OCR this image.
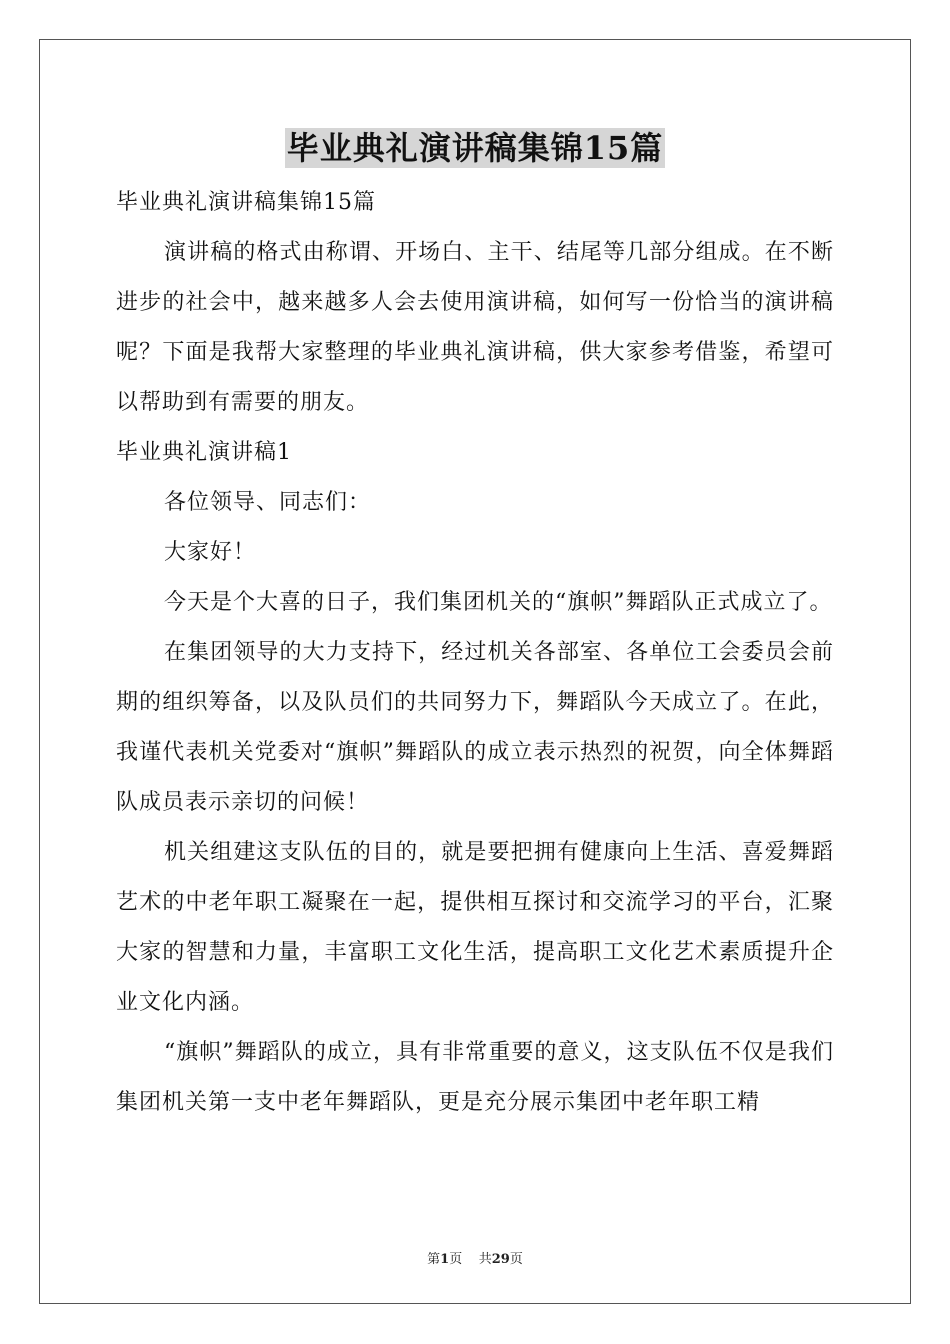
毕业典礼演讲稿集锦15篇

毕业典礼演讲稿集锦15篇

演讲稿的格式由称谓、开场白、主干、结尾等几部分组成。在不断进步的社会中，越来越多人会去使用演讲稿，如何写一份恰当的演讲稿呢？下面是我帮大家整理的毕业典礼演讲稿，供大家参考借鉴，希望可以帮助到有需要的朋友。

毕业典礼演讲稿1

各位领导、同志们：

大家好！

今天是个大喜的日子，我们集团机关的“旗帜”舞蹈队正式成立了。

在集团领导的大力支持下，经过机关各部室、各单位工会委员会前期的组织筹备，以及队员们的共同努力下，舞蹈队今天成立了。在此，我谨代表机关党委对“旗帜”舞蹈队的成立表示热烈的祝贺，向全体舞蹈队成员表示亲切的问候！

机关组建这支队伍的目的，就是要把拥有健康向上生活、喜爱舞蹈艺术的中老年职工凝聚在一起，提供相互探讨和交流学习的平台，汇聚大家的智慧和力量，丰富职工文化生活，提高职工文化艺术素质提升企业文化内涵。

“旗帜”舞蹈队的成立，具有非常重要的意义，这支队伍不仅是我们集团机关第一支中老年舞蹈队，更是充分展示集团中老年职工精

第1页 共29页
